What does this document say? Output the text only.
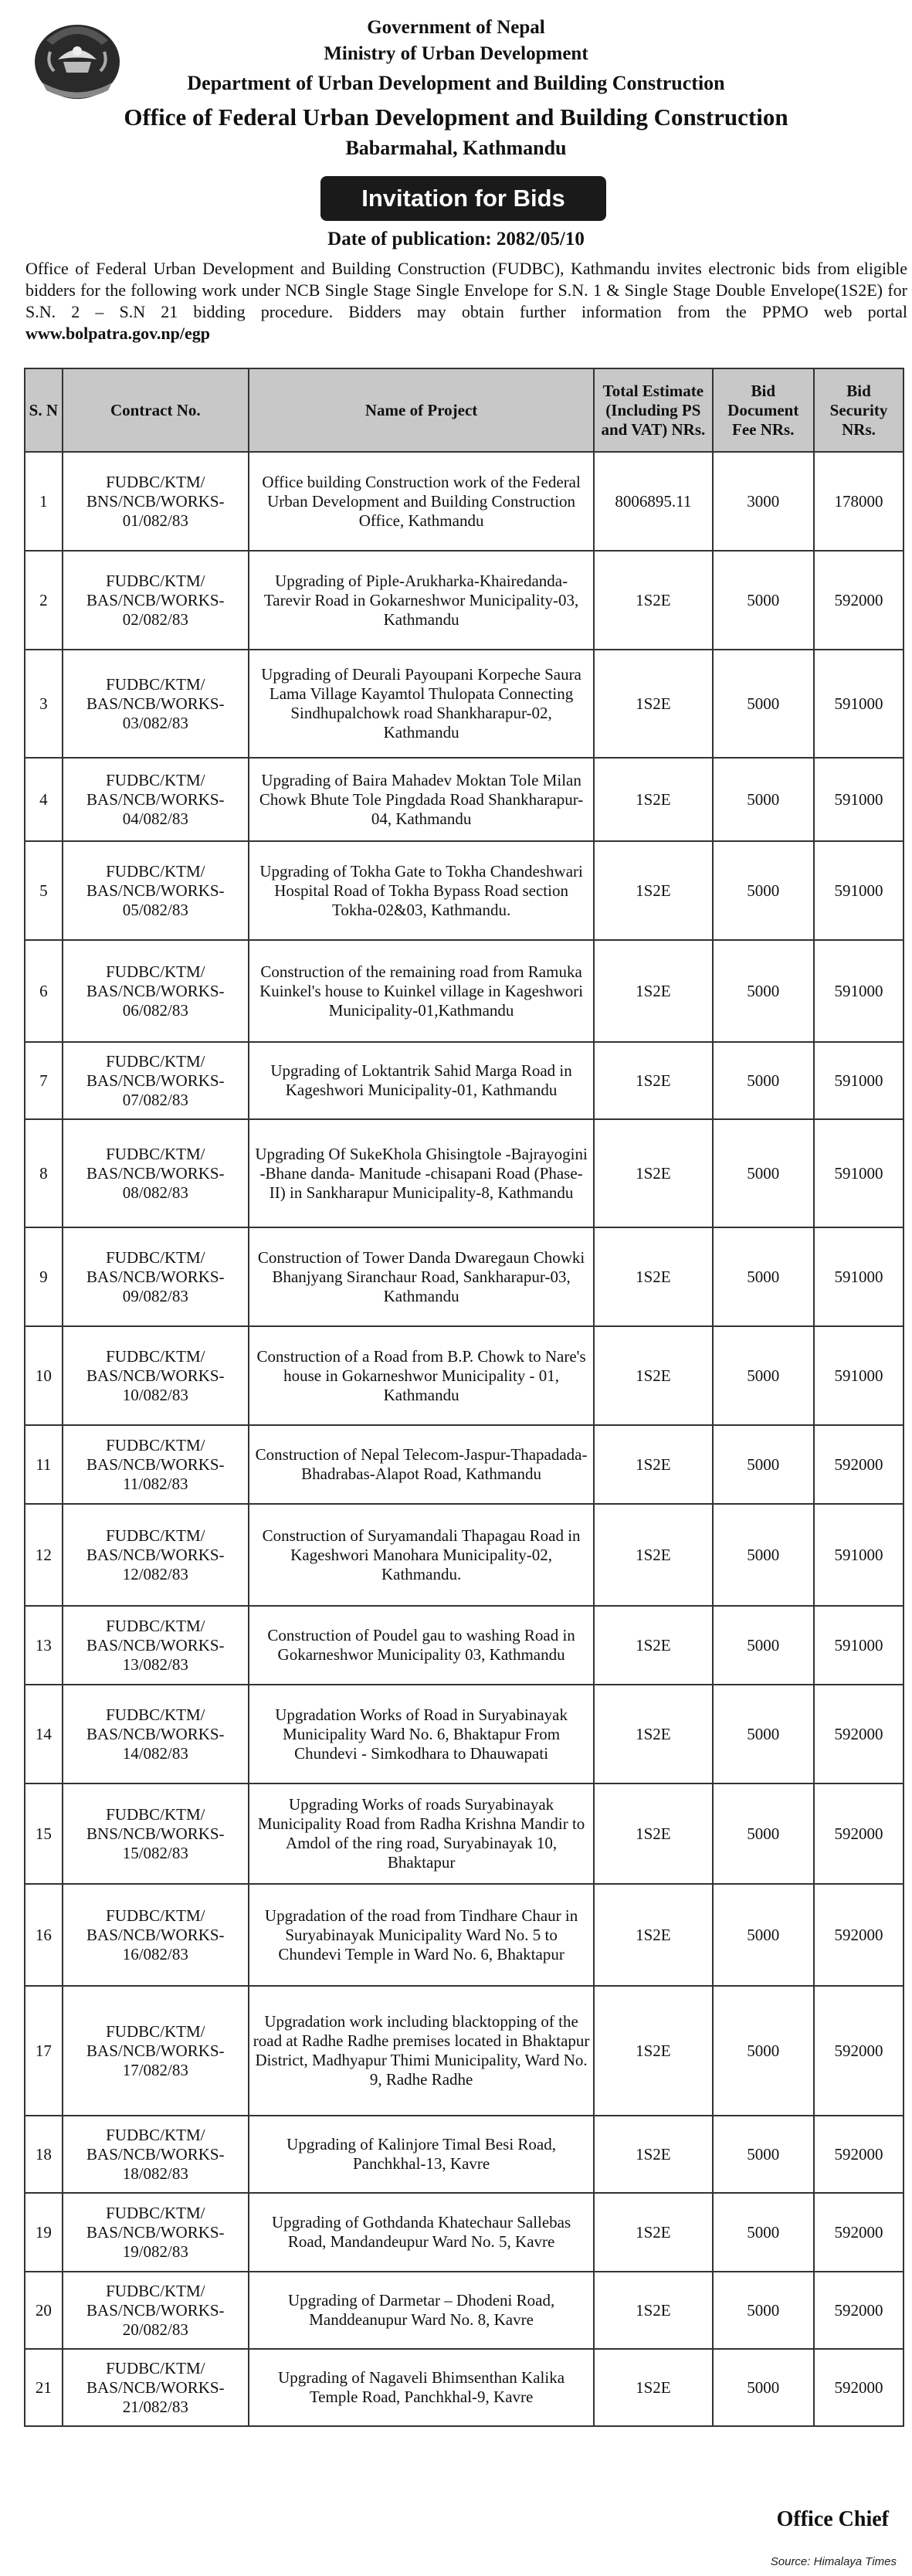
Government of Nepal
Ministry of Urban Development
Department of Urban Development and Building Construction
Office of Federal Urban Development and Building Construction
Babarmahal, Kathmandu
Invitation for Bids
Date of publication: 2082/05/10
Office of Federal Urban Development and Building Construction (FUDBC), Kathmandu invites electronic bids from eligible bidders for the following work under NCB Single Stage Single Envelope for S.N. 1 & Single Stage Double Envelope(1S2E) for S.N. 2 – S.N 21 bidding procedure. Bidders may obtain further information from the PPMO web portal www.bolpatra.gov.np/egp
S. N	Contract No.	Name of Project	Total Estimate (Including PS and VAT) NRs.	Bid Document Fee NRs.	Bid Security NRs.
1	FUDBC/KTM/ BNS/NCB/WORKS- 01/082/83	Office building Construction work of the Federal Urban Development and Building Construction Office, Kathmandu	8006895.11	3000	178000
2	FUDBC/KTM/ BAS/NCB/WORKS- 02/082/83	Upgrading of Piple-Arukharka-Khairedanda-Tarevir Road in Gokarneshwor Municipality-03, Kathmandu	1S2E	5000	592000
3	FUDBC/KTM/ BAS/NCB/WORKS- 03/082/83	Upgrading of Deurali Payoupani Korpeche Saura Lama Village Kayamtol Thulopata Connecting Sindhupalchowk road Shankharapur-02, Kathmandu	1S2E	5000	591000
4	FUDBC/KTM/ BAS/NCB/WORKS- 04/082/83	Upgrading of Baira Mahadev Moktan Tole Milan Chowk Bhute Tole Pingdada Road Shankharapur-04, Kathmandu	1S2E	5000	591000
5	FUDBC/KTM/ BAS/NCB/WORKS- 05/082/83	Upgrading of Tokha Gate to Tokha Chandeshwari Hospital Road of Tokha Bypass Road section Tokha-02&03, Kathmandu.	1S2E	5000	591000
6	FUDBC/KTM/ BAS/NCB/WORKS- 06/082/83	Construction of the remaining road from Ramuka Kuinkel's house to Kuinkel village in Kageshwori Municipality-01,Kathmandu	1S2E	5000	591000
7	FUDBC/KTM/ BAS/NCB/WORKS- 07/082/83	Upgrading of Loktantrik Sahid Marga Road in Kageshwori Municipality-01, Kathmandu	1S2E	5000	591000
8	FUDBC/KTM/ BAS/NCB/WORKS- 08/082/83	Upgrading Of SukeKhola Ghisingtole -Bajrayogini -Bhane danda- Manitude -chisapani Road (Phase-II) in Sankharapur Municipality-8, Kathmandu	1S2E	5000	591000
9	FUDBC/KTM/ BAS/NCB/WORKS- 09/082/83	Construction of Tower Danda Dwaregaun Chowki Bhanjyang Siranchaur Road, Sankharapur-03, Kathmandu	1S2E	5000	591000
10	FUDBC/KTM/ BAS/NCB/WORKS- 10/082/83	Construction of a Road from B.P. Chowk to Nare's house in Gokarneshwor Municipality - 01, Kathmandu	1S2E	5000	591000
11	FUDBC/KTM/ BAS/NCB/WORKS- 11/082/83	Construction of Nepal Telecom-Jaspur-Thapadada-Bhadrabas-Alapot Road, Kathmandu	1S2E	5000	592000
12	FUDBC/KTM/ BAS/NCB/WORKS- 12/082/83	Construction of Suryamandali Thapagau Road in Kageshwori Manohara Municipality-02, Kathmandu.	1S2E	5000	591000
13	FUDBC/KTM/ BAS/NCB/WORKS- 13/082/83	Construction of Poudel gau to washing Road in Gokarneshwor Municipality 03, Kathmandu	1S2E	5000	591000
14	FUDBC/KTM/ BAS/NCB/WORKS- 14/082/83	Upgradation Works of Road in Suryabinayak Municipality Ward No. 6, Bhaktapur From Chundevi - Simkodhara to Dhauwapati	1S2E	5000	592000
15	FUDBC/KTM/ BNS/NCB/WORKS- 15/082/83	Upgrading Works of roads Suryabinayak Municipality Road from Radha Krishna Mandir to Amdol of the ring road, Suryabinayak 10, Bhaktapur	1S2E	5000	592000
16	FUDBC/KTM/ BAS/NCB/WORKS- 16/082/83	Upgradation of the road from Tindhare Chaur in Suryabinayak Municipality Ward No. 5 to Chundevi Temple in Ward No. 6, Bhaktapur	1S2E	5000	592000
17	FUDBC/KTM/ BAS/NCB/WORKS- 17/082/83	Upgradation work including blacktopping of the road at Radhe Radhe premises located in Bhaktapur District, Madhyapur Thimi Municipality, Ward No. 9, Radhe Radhe	1S2E	5000	592000
18	FUDBC/KTM/ BAS/NCB/WORKS- 18/082/83	Upgrading of Kalinjore Timal Besi Road, Panchkhal-13, Kavre	1S2E	5000	592000
19	FUDBC/KTM/ BAS/NCB/WORKS- 19/082/83	Upgrading of Gothdanda Khatechaur Sallebas Road, Mandandeupur Ward No. 5, Kavre	1S2E	5000	592000
20	FUDBC/KTM/ BAS/NCB/WORKS- 20/082/83	Upgrading of Darmetar – Dhodeni Road, Manddeanupur Ward No. 8, Kavre	1S2E	5000	592000
21	FUDBC/KTM/ BAS/NCB/WORKS- 21/082/83	Upgrading of Nagaveli Bhimsenthan Kalika Temple Road, Panchkhal-9, Kavre	1S2E	5000	592000
Office Chief
Source: Himalaya Times
